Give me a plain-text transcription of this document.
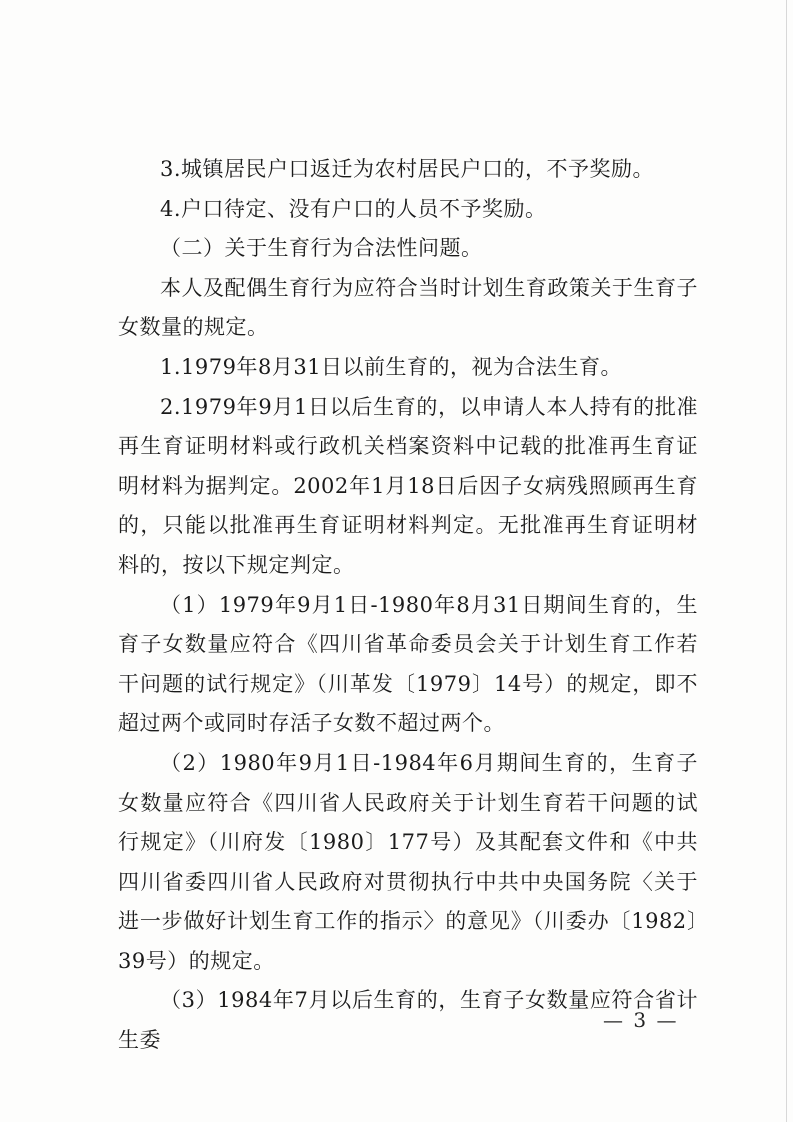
3.城镇居民户口返迁为农村居民户口的，不予奖励。

4.户口待定、没有户口的人员不予奖励。

（二）关于生育行为合法性问题。

本人及配偶生育行为应符合当时计划生育政策关于生育子女数量的规定。

1.1979年8月31日以前生育的，视为合法生育。

2.1979年9月1日以后生育的，以申请人本人持有的批准再生育证明材料或行政机关档案资料中记载的批准再生育证明材料为据判定。2002年1月18日后因子女病残照顾再生育的，只能以批准再生育证明材料判定。无批准再生育证明材料的，按以下规定判定。

（1）1979年9月1日-1980年8月31日期间生育的，生育子女数量应符合《四川省革命委员会关于计划生育工作若干问题的试行规定》（川革发〔1979〕14号）的规定，即不超过两个或同时存活子女数不超过两个。

（2）1980年9月1日-1984年6月期间生育的，生育子女数量应符合《四川省人民政府关于计划生育若干问题的试行规定》（川府发〔1980〕177号）及其配套文件和《中共四川省委四川省人民政府对贯彻执行中共中央国务院〈关于进一步做好计划生育工作的指示〉的意见》（川委办〔1982〕39号）的规定。

（3）1984年7月以后生育的，生育子女数量应符合省计生委

— 3 —
